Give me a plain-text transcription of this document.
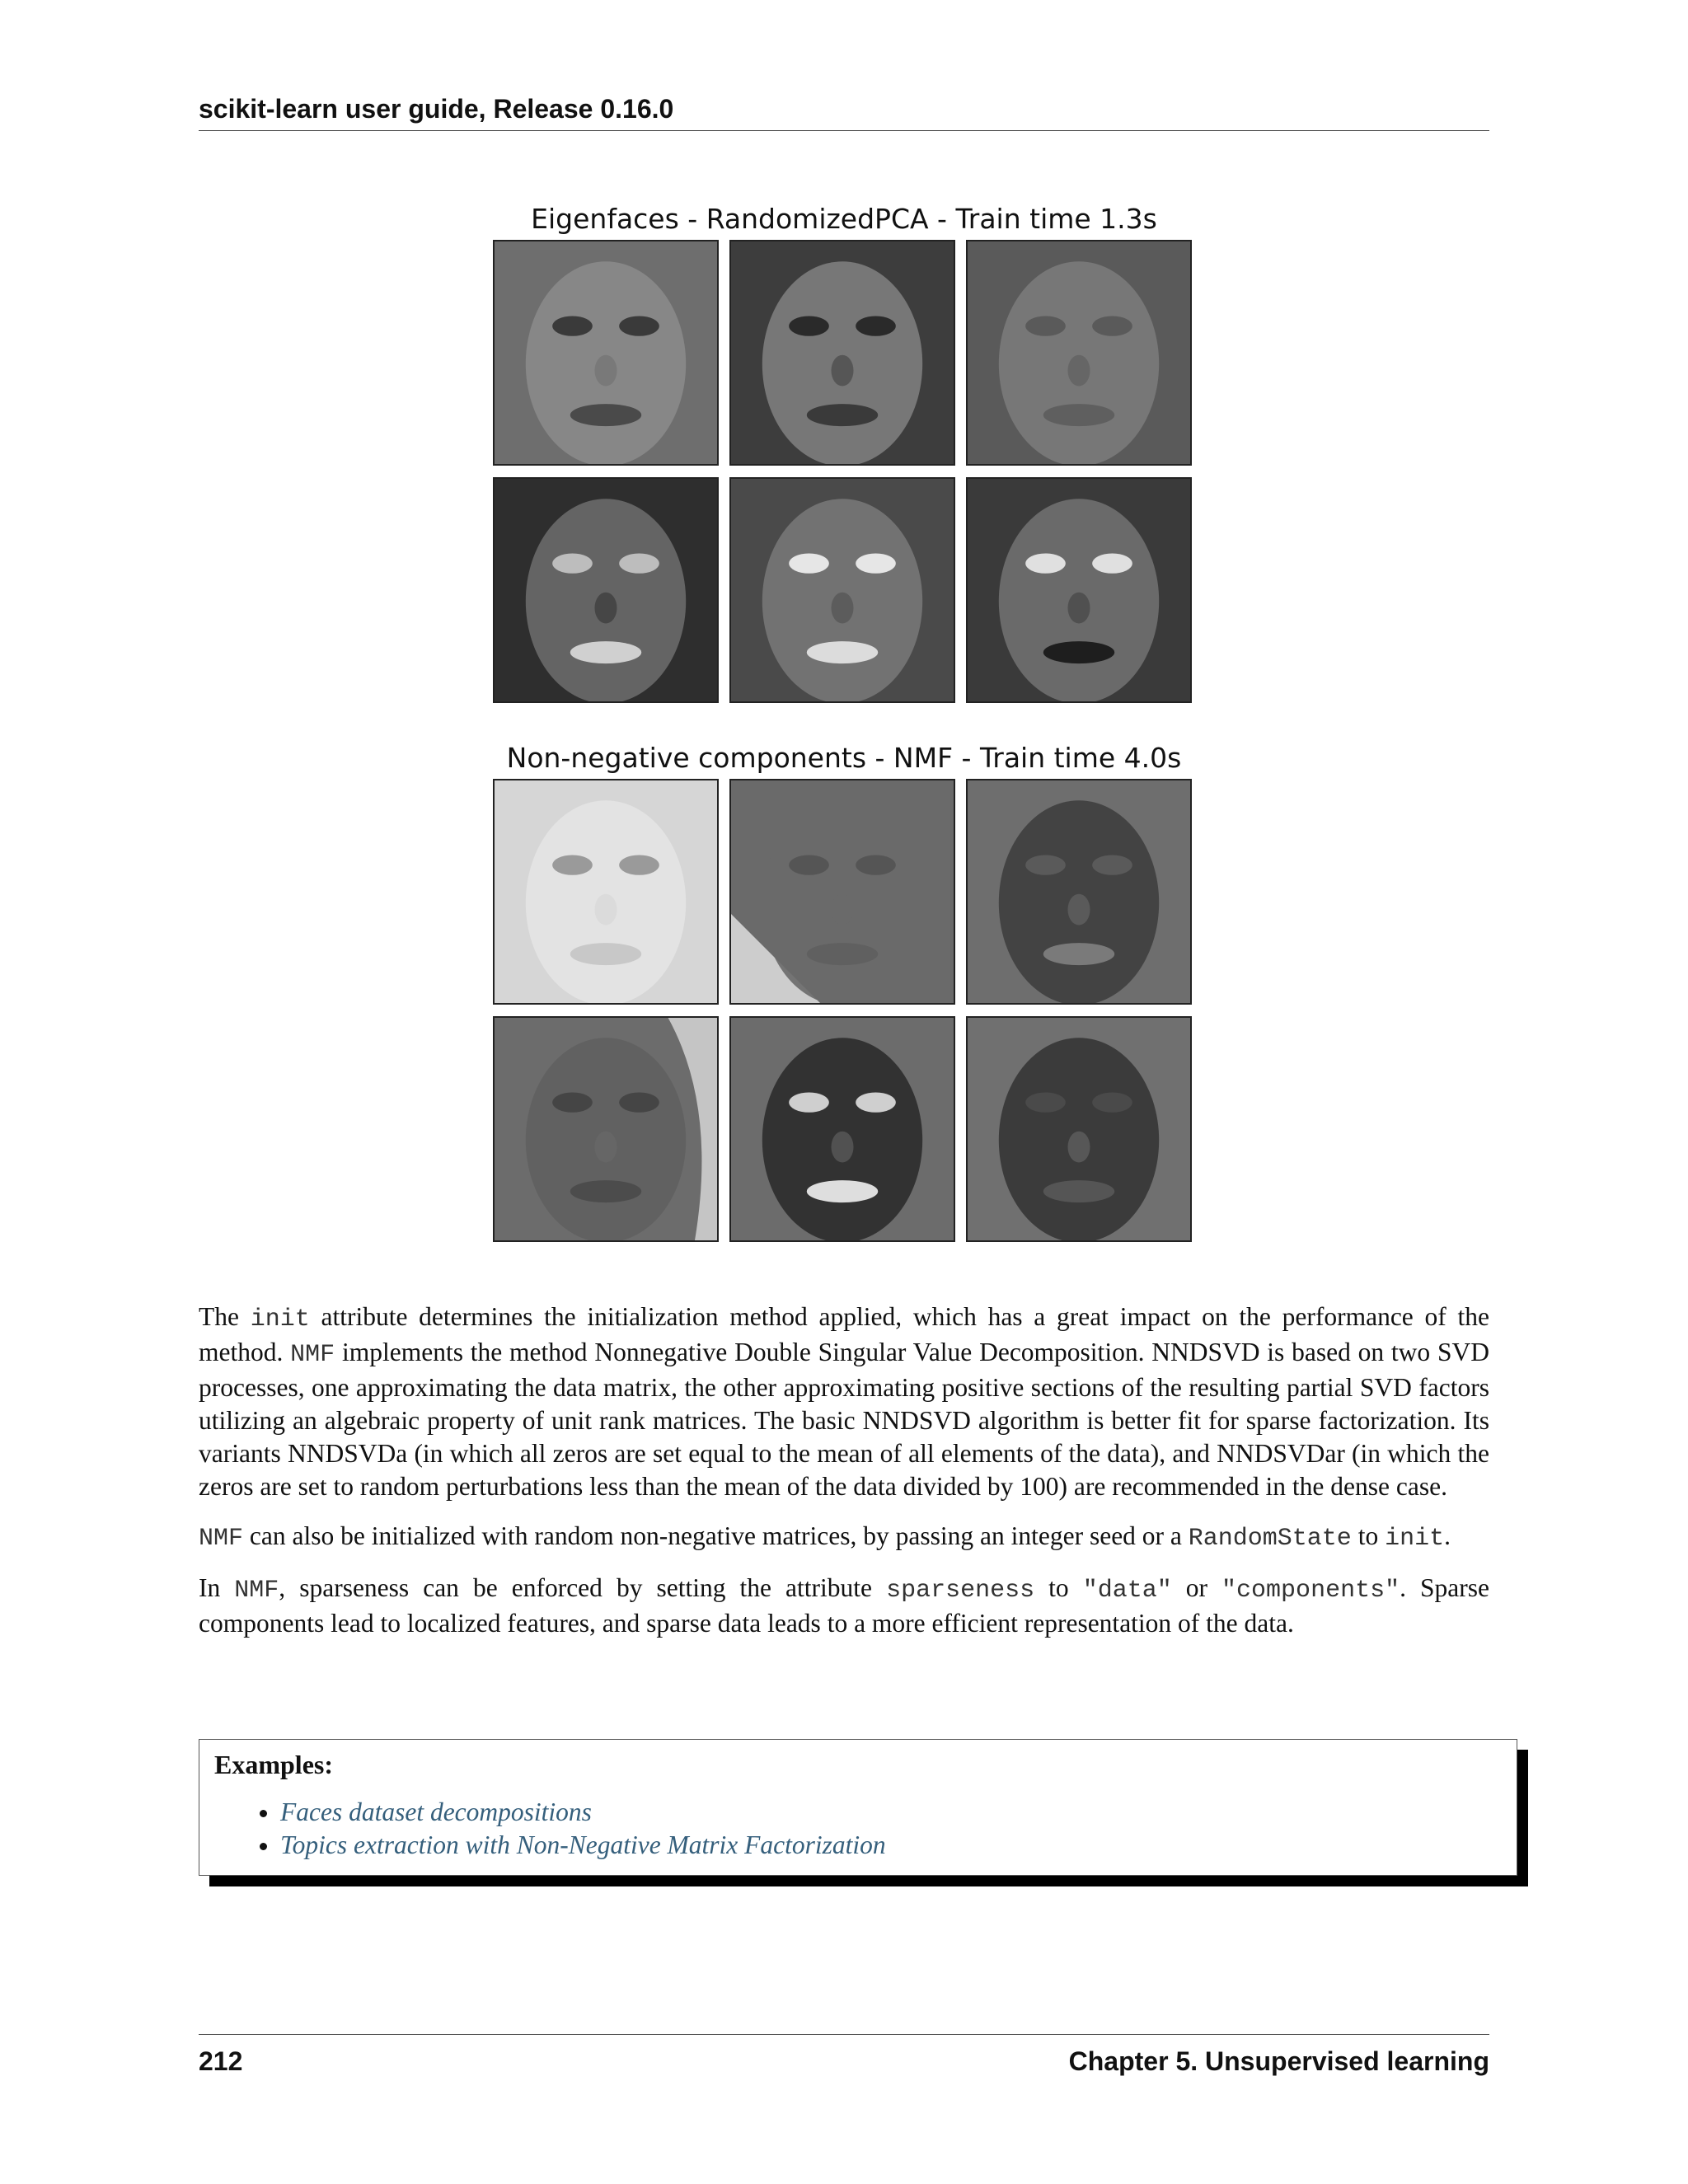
scikit-learn user guide, Release 0.16.0
Eigenfaces - RandomizedPCA - Train time 1.3s
Non-negative components - NMF - Train time 4.0s

The init attribute determines the initialization method applied, which has a great impact on the performance of the method. NMF implements the method Nonnegative Double Singular Value Decomposition. NNDSVD is based on two SVD processes, one approximating the data matrix, the other approximating positive sections of the resulting partial SVD factors utilizing an algebraic property of unit rank matrices. The basic NNDSVD algorithm is better fit for sparse factorization. Its variants NNDSVDa (in which all zeros are set equal to the mean of all elements of the data), and NNDSVDar (in which the zeros are set to random perturbations less than the mean of the data divided by 100) are recommended in the dense case.

NMF can also be initialized with random non-negative matrices, by passing an integer seed or a RandomState to init.

In NMF, sparseness can be enforced by setting the attribute sparseness to "data" or "components". Sparse components lead to localized features, and sparse data leads to a more efficient representation of the data.

Examples:
• Faces dataset decompositions
• Topics extraction with Non-Negative Matrix Factorization
212	Chapter 5. Unsupervised learning
